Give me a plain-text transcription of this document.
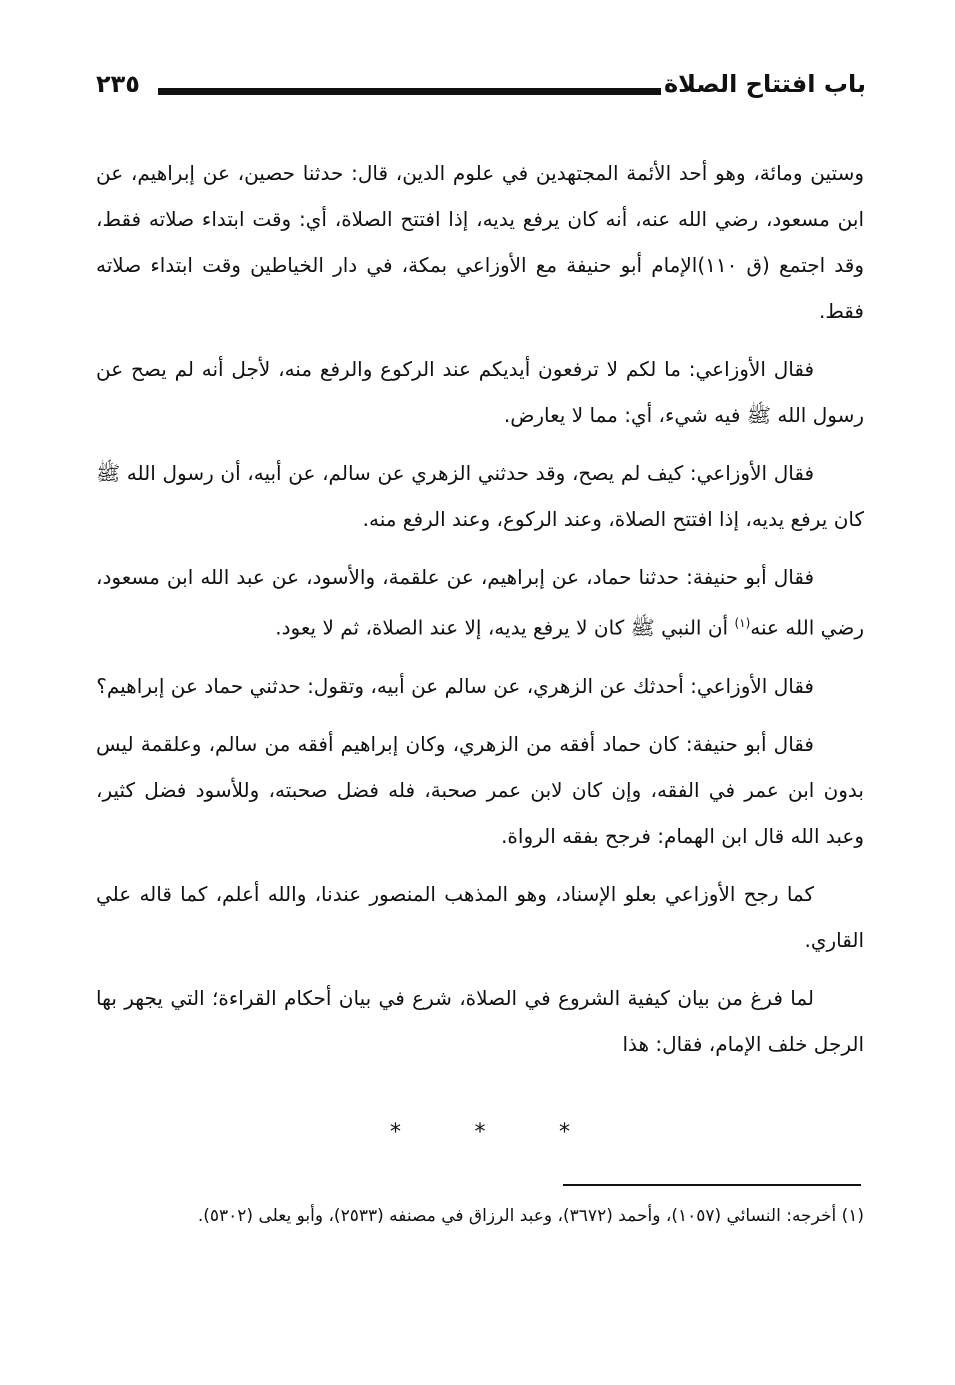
باب افتتاح الصلاة
٢٣٥

وستين ومائة، وهو أحد الأئمة المجتهدين في علوم الدين، قال: حدثنا حصين، عن إبراهيم، عن ابن مسعود، رضي الله عنه، أنه كان يرفع يديه، إذا افتتح الصلاة، أي: وقت ابتداء صلاته فقط، وقد اجتمع (ق ١١٠)الإمام أبو حنيفة مع الأوزاعي بمكة، في دار الخياطين وقت ابتداء صلاته فقط.

فقال الأوزاعي: ما لكم لا ترفعون أيديكم عند الركوع والرفع منه، لأجل أنه لم يصح عن رسول الله ﷺ فيه شيء، أي: مما لا يعارض.

فقال الأوزاعي: كيف لم يصح، وقد حدثني الزهري عن سالم، عن أبيه، أن رسول الله ﷺ كان يرفع يديه، إذا افتتح الصلاة، وعند الركوع، وعند الرفع منه.

فقال أبو حنيفة: حدثنا حماد، عن إبراهيم، عن علقمة، والأسود، عن عبد الله ابن مسعود، رضي الله عنه$^{(١)}$ أن النبي ﷺ كان لا يرفع يديه، إلا عند الصلاة، ثم لا يعود.

فقال الأوزاعي: أحدثك عن الزهري، عن سالم عن أبيه، وتقول: حدثني حماد عن إبراهيم؟

فقال أبو حنيفة: كان حماد أفقه من الزهري، وكان إبراهيم أفقه من سالم، وعلقمة ليس بدون ابن عمر في الفقه، وإن كان لابن عمر صحبة، فله فضل صحبته، وللأسود فضل كثير، وعبد الله قال ابن الهمام: فرجح بفقه الرواة.

كما رجح الأوزاعي بعلو الإسناد، وهو المذهب المنصور عندنا، والله أعلم، كما قاله علي القاري.

لما فرغ من بيان كيفية الشروع في الصلاة، شرع في بيان أحكام القراءة؛ التي يجهر بها الرجل خلف الإمام، فقال: هذا

*
*
*
(١) أخرجه: النسائي (١٠٥٧)، وأحمد (٣٦٧٢)، وعبد الرزاق في مصنفه (٢٥٣٣)، وأبو يعلى (٥٣٠٢).
